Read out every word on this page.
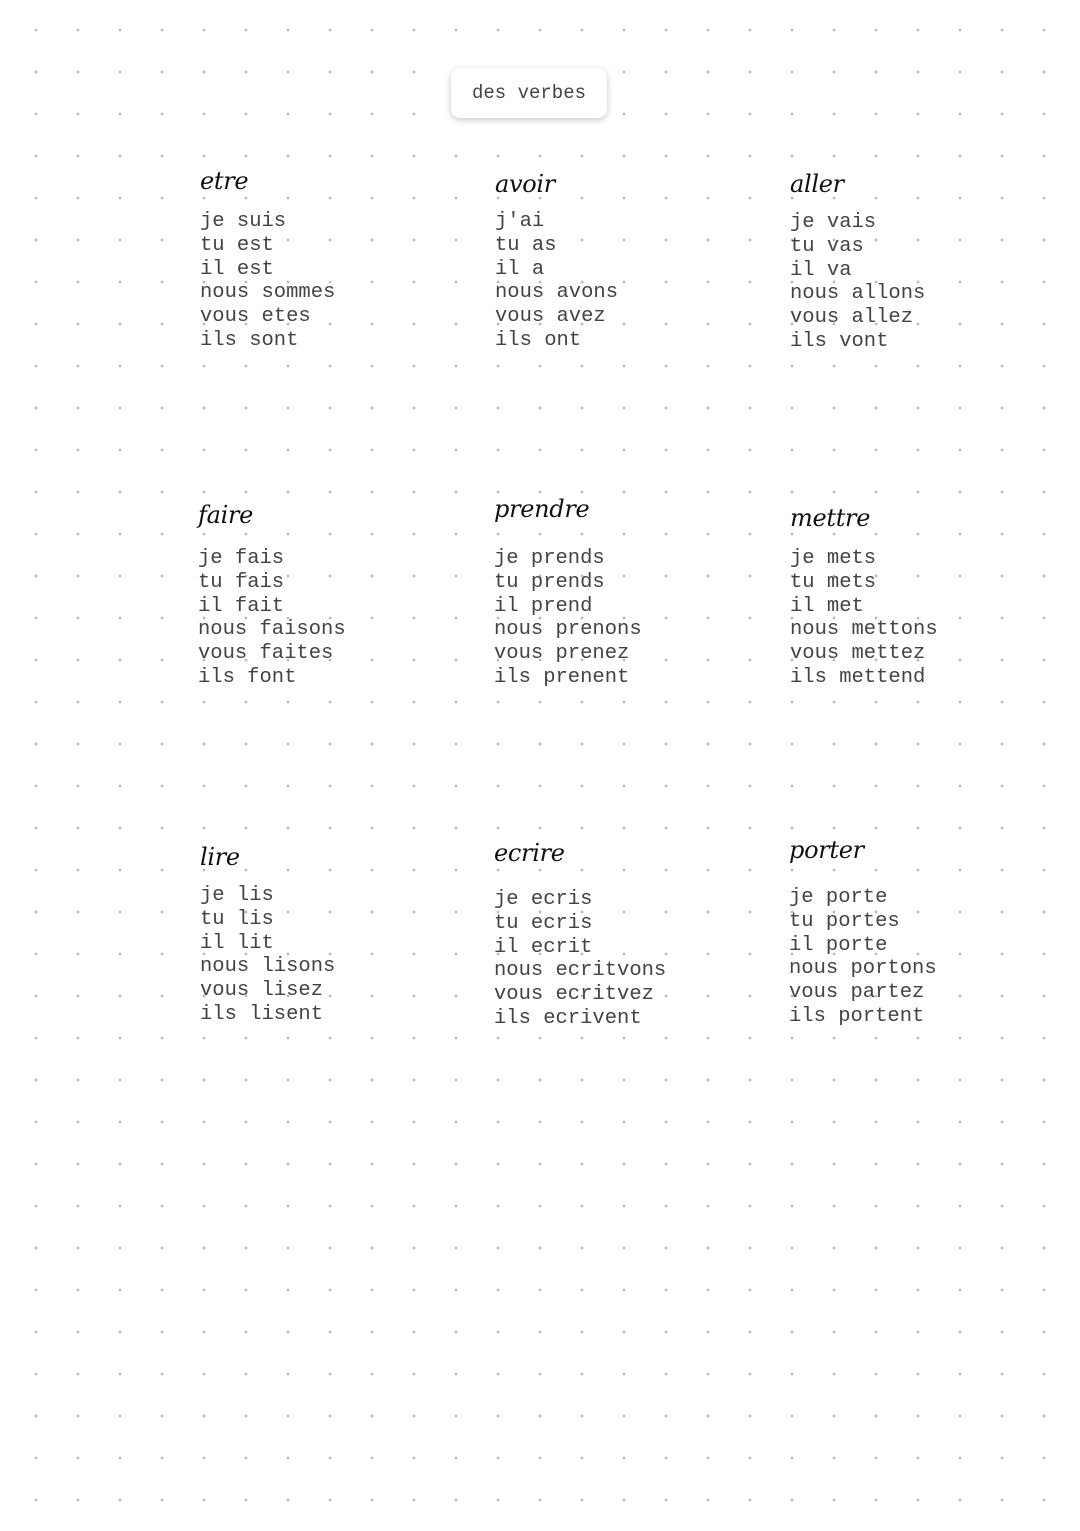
des verbes
etre
je suis
tu est
il est
nous sommes
vous etes
ils sont
avoir
j'ai
tu as
il a
nous avons
vous avez
ils ont
aller
je vais
tu vas
il va
nous allons
vous allez
ils vont
faire
je fais
tu fais
il fait
nous faisons
vous faites
ils font
prendre
je prends
tu prends
il prend
nous prenons
vous prenez
ils prenent
mettre
je mets
tu mets
il met
nous mettons
vous mettez
ils mettend
lire
je lis
tu lis
il lit
nous lisons
vous lisez
ils lisent
ecrire
je ecris
tu ecris
il ecrit
nous ecritvons
vous ecritvez
ils ecrivent
porter
je porte
tu portes
il porte
nous portons
vous partez
ils portent
